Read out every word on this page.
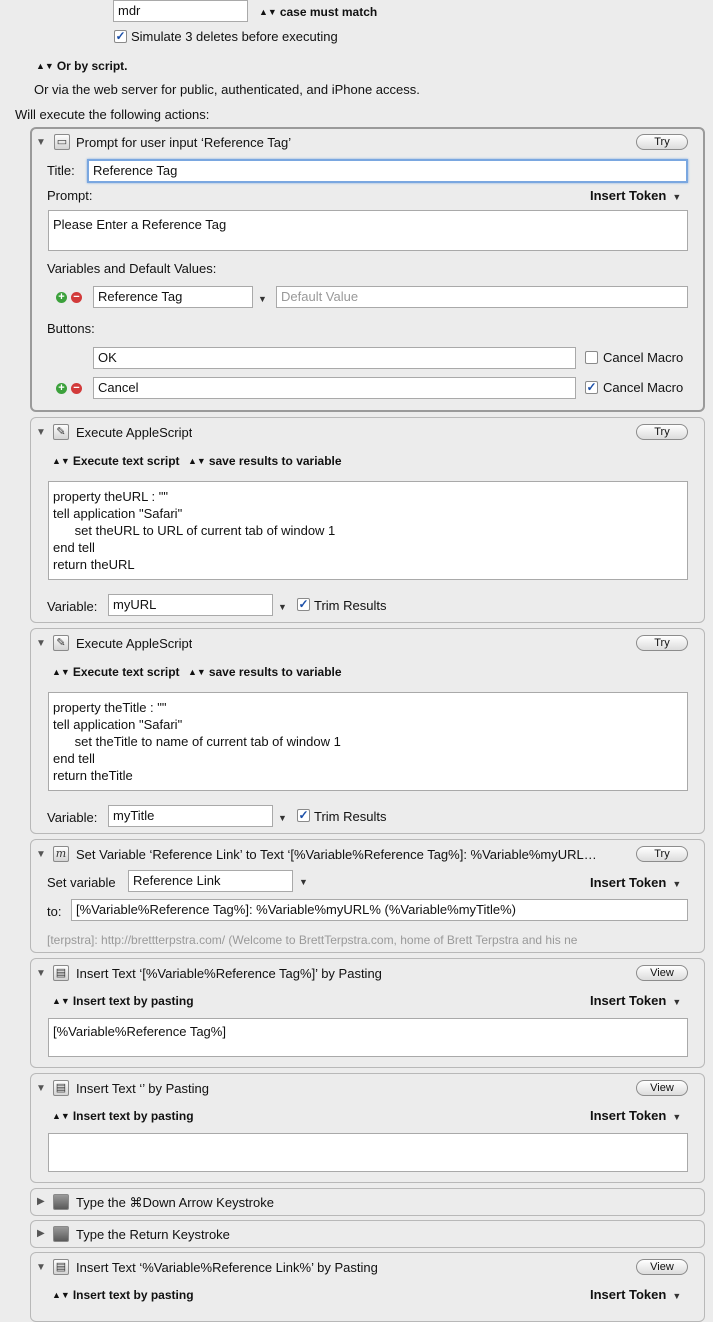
mdr	▲▼ case must match
✓ Simulate 3 deletes before executing
▲▼ Or by script.
Or via the web server for public, authenticated, and iPhone access.
Will execute the following actions:
▼ ▭ Prompt for user input ‘Reference Tag’	Try
Title:	Reference Tag
Prompt:	Insert Token ▼
Please Enter a Reference Tag
Variables and Default Values:
+ −	Reference Tag	▼	Default Value
Buttons:
OK	Cancel Macro
+ −	Cancel	✓ Cancel Macro
▼ ✎ Execute AppleScript	Try
▲▼ Execute text script ▲▼ save results to variable
property theURL : ""
tell application "Safari"
set theURL to URL of current tab of window 1
end tell
return theURL
Variable:	myURL	▼ ✓ Trim Results
▼ ✎ Execute AppleScript	Try
▲▼ Execute text script ▲▼ save results to variable
property theTitle : ""
tell application "Safari"
set theTitle to name of current tab of window 1
end tell
return theTitle
Variable:	myTitle	▼ ✓ Trim Results
▼ m Set Variable ‘Reference Link’ to Text ‘[%Variable%Reference Tag%]: %Variable%myURL…	Try
Set variable	Reference Link	▼	Insert Token ▼
to:	[%Variable%Reference Tag%]: %Variable%myURL% (%Variable%myTitle%)
[terpstra]: http://brettterpstra.com/ (Welcome to BrettTerpstra.com, home of Brett Terpstra and his ne
▼ ▤ Insert Text ‘[%Variable%Reference Tag%]’ by Pasting	View
▲▼ Insert text by pasting	Insert Token ▼
[%Variable%Reference Tag%]
▼ ▤ Insert Text ‘’ by Pasting	View
▲▼ Insert text by pasting	Insert Token ▼
▶ Type the ⌘Down Arrow Keystroke
▶ Type the Return Keystroke
▼ ▤ Insert Text ‘%Variable%Reference Link%’ by Pasting	View
▲▼ Insert text by pasting	Insert Token ▼
